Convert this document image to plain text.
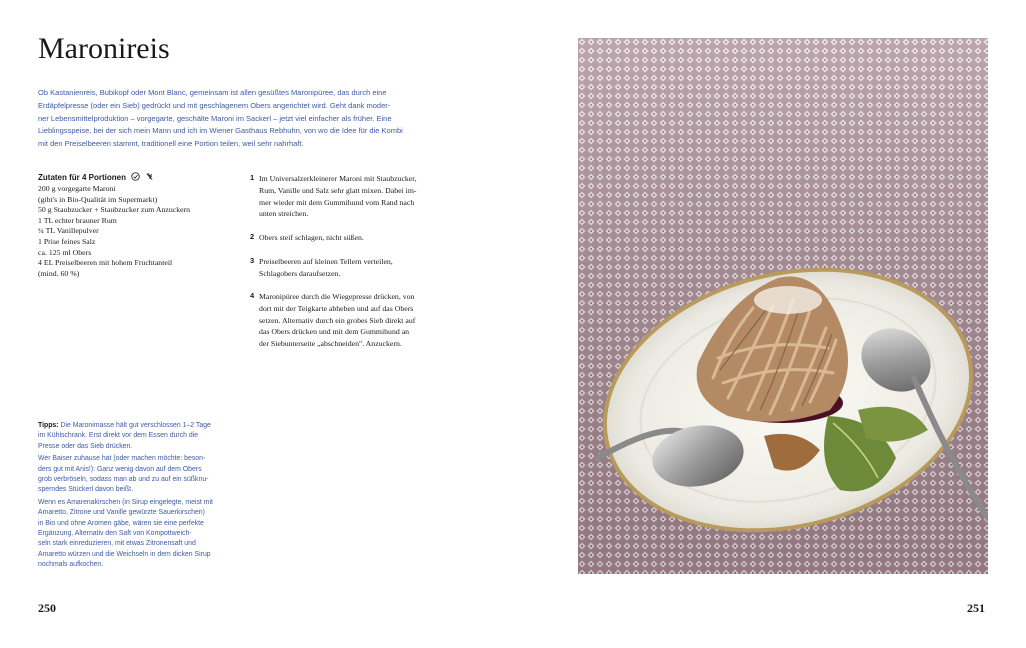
Maronireis
Ob Kastanienreis, Bubikopf oder Mont Blanc, gemeinsam ist allen gesüßtes Maronipüree, das durch eine
Erdäpfelpresse (oder ein Sieb) gedrückt und mit geschlagenem Obers angerichtet wird. Geht dank moder-
ner Lebensmittelproduktion – vorgegarte, geschälte Maroni im Sackerl – jetzt viel einfacher als früher. Eine
Lieblingsspeise, bei der sich mein Mann und ich im Wiener Gasthaus Rebhuhn, von wo die Idee für die Kombi
mit den Preiselbeeren stammt, traditionell eine Portion teilen, weil sehr nahrhaft.
Zutaten für 4 Portionen
200 g vorgegarte Maroni
(gibt's in Bio-Qualität im Supermarkt)
50 g Staubzucker + Staubzucker zum Anzuckern
1 TL echter brauner Rum
¼ TL Vanillepulver
1 Prise feines Salz
ca. 125 ml Obers
4 EL Preiselbeeren mit hohem Fruchtanteil
(mind. 60 %)
1 Im Universalzerkleinerer Maroni mit Staubzucker,
Rum, Vanille und Salz sehr glatt mixen. Dabei im-
mer wieder mit dem Gummihund vom Rand nach
unten streichen.
2 Obers steif schlagen, nicht süßen.
3 Preiselbeeren auf kleinen Tellern verteilen,
Schlagobers daraufsetzen.
4 Maronipüree durch die Wiegepresse drücken, von
dort mit der Teigkarte abheben und auf das Obers
setzen. Alternativ durch ein grobes Sieb direkt auf
das Obers drücken und mit dem Gummihund an
der Siebunterseite „abschneiden". Anzuckern.

Tipps: Die Maronimasse hält gut verschlossen 1–2 Tage
im Kühlschrank. Erst direkt vor dem Essen durch die
Presse oder das Sieb drücken.

Wer Baiser zuhause hat (oder machen möchte: beson-
ders gut mit Anis!): Ganz wenig davon auf dem Obers
grob verbröseln, sodass man ab und zu auf ein süßknu-
sperndes Stückerl davon beißt.

Wenn es Amarenakirschen (in Sirup eingelegte, meist mit
Amaretto, Zitrone und Vanille gewürzte Sauerkirschen)
in Bio und ohne Aromen gäbe, wären sie eine perfekte
Ergänzung. Alternativ den Saft von Kompottweich-
seln stark einreduzieren, mit etwas Zitronensaft und
Amaretto würzen und die Weichseln in dem dicken Sirup
nochmals aufkochen.

250	251
